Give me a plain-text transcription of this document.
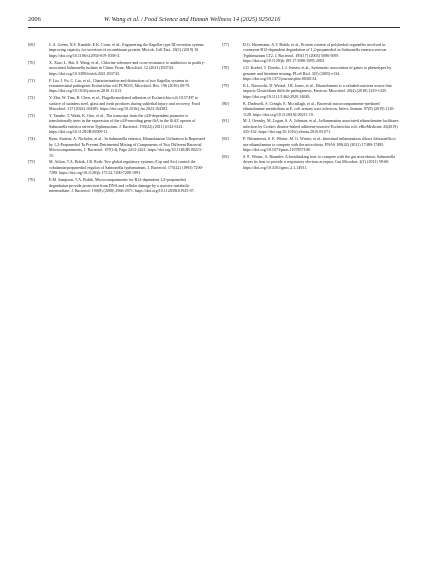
2006	W. Wang et al. / Food Science and Human Wellness 14 (2025) 9250216
[69]	C.A. Green, N.S. Kamble, E.K. Court, et al., Engineering the flagellar type III secretion system: improving capacity for secretion of recombinant protein, Microb. Cell Fact. 18(1) (2019) 10. https://doi.org/10.1186/s12934-019-1058-4.
[70]	X. Xiao, L. Bai, S. Wang, et al., Chlorine tolerance and cross-resistance to antibiotics in poultry-associated Salmonella isolates in China, Front. Microbiol. 12 (2021) 833743. https://doi.org/10.3389/fmicb.2021.833743.
[71]	F. Liu, J. Fu, C. Liu, et al., Characterization and distinction of two flagellar systems in extraintestinal pathogenic Escherichia coli PCN033, Microbiol. Res. 196 (2016) 69-79. https://doi.org/10.1016/j.micres.2016.11.013.
[72]	Y. Zhu, W. Tian, R. Chen, et al., Flagella-mediated adhesion of Escherichia coli O157:H7 to surface of stainless steel, glass and fresh produces during sublethal injury and recovery, Food Microbiol. 117 (2024) 104383. https://doi.org/10.1016/j.fm.2023.104383.
[73]	Y. Tanabe, T. Wada, K. Ono, et al., The transcript from the σ28-dependent promoter is translationally inert in the expression of the σ28-encoding gene fliA in the fliAZ operon of Salmonella enterica serovar Typhimurium, J. Bacteriol. 193(22) (2011) 6132-6141. https://doi.org/10.1128/JB.05909-11.
[74]	Ryan, Stuteus, A. Nicholas, et al., In Salmonella enterica, Ethanolamine Utilization Is Repressed by 1,2-Propanediol To Prevent Detrimental Mixing of Components of Two Different Bacterial Microcompartments, J. Bacteriol. 197(14), Page 2412-2421. https://doi.org/10.1128/JB.00215-15.
[75]	M. Ailion, T.A. Bobik, J.R. Roth, Two global regulatory systems (Crp and Arc) control the cobalamin/propanediol regulon of Salmonella typhimurium, J. Bacteriol. 175(22) (1993) 7200-7208. https://doi.org/10.1128/jb.175.22.7200-7208.1993.
[76]	E.M. Sampson, T.A. Bobik, Microcompartments for B12-dependent 1,2-propanediol degradation provide protection from DNA and cellular damage by a reactive metabolic intermediate, J. Bacteriol. 190(8) (2008) 2966-2971. https://doi.org/10.1128/JB.01925-07.
[77]	D.G. Havemann, A.T. Bobik, et al., Protein content of polyhedral organelles involved in coenzyme B12-dependent degradation of 1,2-propanediol in Salmonella enterica serovar Typhimurium LT2, J. Bacteriol. 185(17) (2003) 5086-5095. https://doi.org/10.1128/jb.185.17.5086-5095.2003.
[78]	J.O. Korbel, T. Doerks, L.J. Jensen, et al., Systematic association of genes to phenotypes by genome and literature mining, PLoS Biol. 3(5) (2005) e134. https://doi.org/10.1371/journal.pbio.0030134.
[79]	K.L. Nawrocki, D. Wetzel, J.B. Jones, et al., Ethanolamine is a valuable nutrient source that impacts Clostridium difficile pathogenesis, Environ. Microbiol. 20(4) (2018) 1419-1435. https://doi.org/10.1111/1462-2920.14048.
[80]	K. Dadswell, S. Creagh, E. Mccullagh, et al., Bacterial microcompartment-mediated ethanolamine metabolism in E. coli urinary tract infection, Infect. Immun. 87(8) (2019) 1110-1128. https://doi.org/10.1128/IAI.00211-19.
[81]	M. J. Ormsby, M. Logan, S. A. Johnson, et al., Inflammation associated ethanolamine facilitates infection by Crohn's disease-linked adherent-invasive Escherichia coli, eBioMedicine 43(2019) 325-332. https://doi.org/10.1016/j.ebiom.2019.03.071.
[82]	P. Thiennimitt, S. E. Winter, M. G. Winter, et al., Intestinal inflammation allows Salmonella to use ethanolamine to compete with the microbiota, PNAS 108(42) (2011) 17480-17485. https://doi.org/10.1073/pnas.1107857108.
[83]	S. E. Winter, A. Bäumler, A breathtaking feat: to compete with the gut microbiota, Salmonella drives its host to provide a respiratory electron acceptor, Gut Microbes. 2(1) (2011) 58-60. https://doi.org/10.4161/gmic.2.1.14911.
